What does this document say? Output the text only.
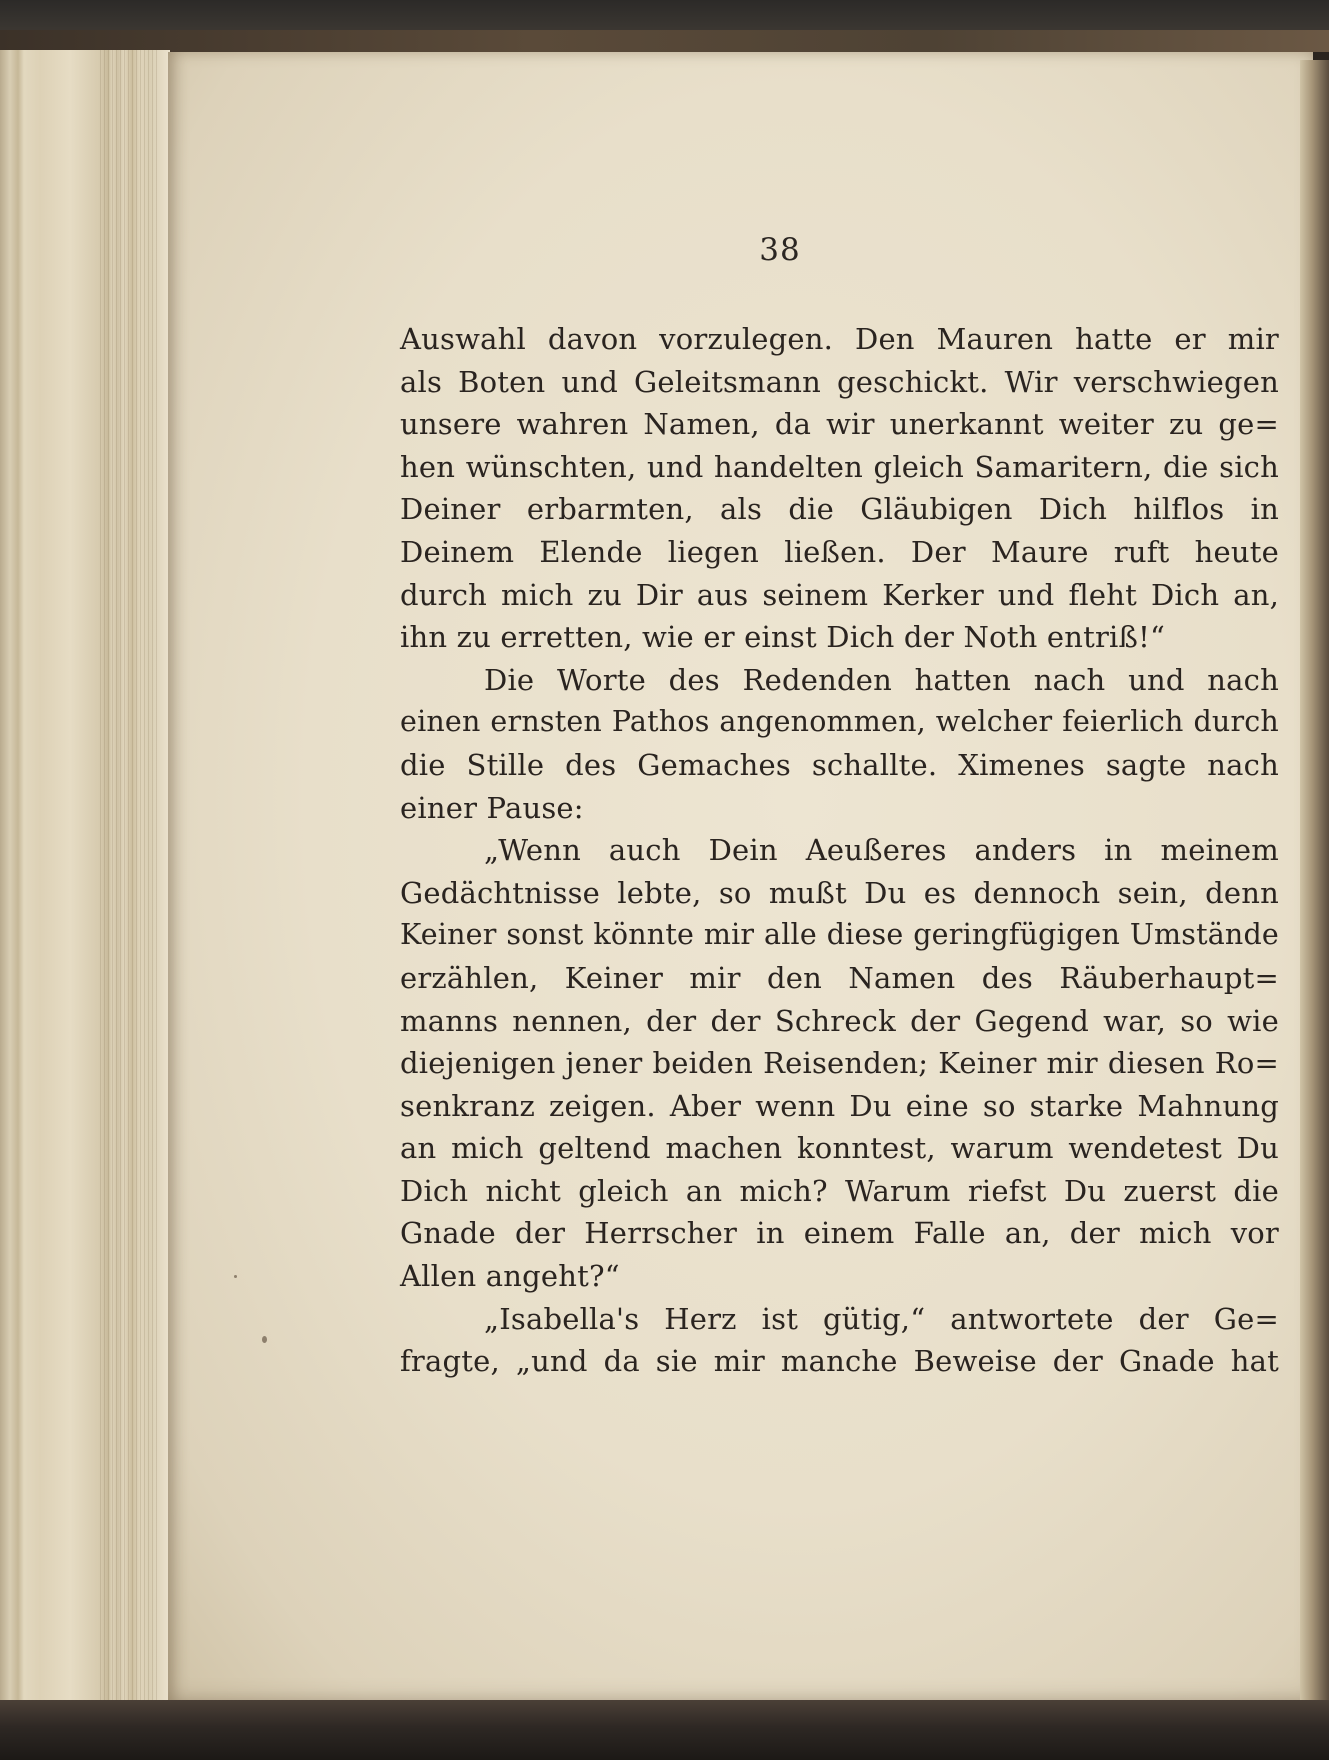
38
Auswahl davon vorzulegen. Den Mauren hatte er mir
als Boten und Geleitsmann geschickt. Wir verschwiegen
unsere wahren Namen, da wir unerkannt weiter zu ge=
hen wünschten, und handelten gleich Samaritern, die sich
Deiner erbarmten, als die Gläubigen Dich hilflos in
Deinem Elende liegen ließen. Der Maure ruft heute
durch mich zu Dir aus seinem Kerker und fleht Dich an,
ihn zu erretten, wie er einst Dich der Noth entriß!“
Die Worte des Redenden hatten nach und nach
einen ernsten Pathos angenommen, welcher feierlich durch
die Stille des Gemaches schallte. Ximenes sagte nach
einer Pause:
„Wenn auch Dein Aeußeres anders in meinem
Gedächtnisse lebte, so mußt Du es dennoch sein, denn
Keiner sonst könnte mir alle diese geringfügigen Umstände
erzählen, Keiner mir den Namen des Räuberhaupt=
manns nennen, der der Schreck der Gegend war, so wie
diejenigen jener beiden Reisenden; Keiner mir diesen Ro=
senkranz zeigen. Aber wenn Du eine so starke Mahnung
an mich geltend machen konntest, warum wendetest Du
Dich nicht gleich an mich? Warum riefst Du zuerst die
Gnade der Herrscher in einem Falle an, der mich vor
Allen angeht?“
„Isabella's Herz ist gütig,“ antwortete der Ge=
fragte, „und da sie mir manche Beweise der Gnade hat
